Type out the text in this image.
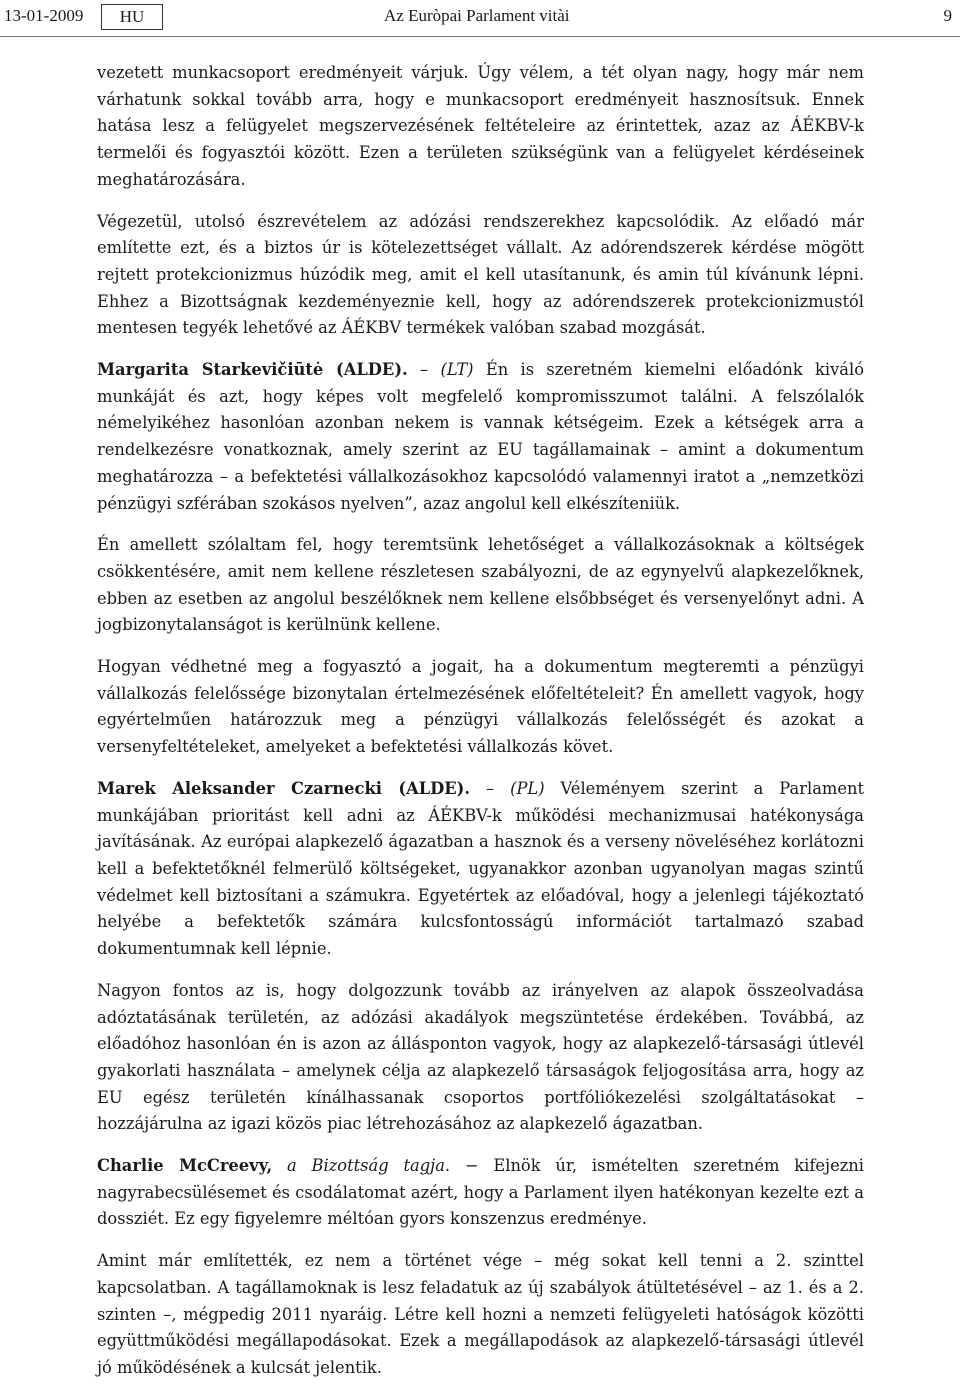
13-01-2009	HU	Az Euròpai Parlament vitài	9

vezetett munkacsoport eredményeit várjuk. Úgy vélem, a tét olyan nagy, hogy már nem várhatunk sokkal tovább arra, hogy e munkacsoport eredményeit hasznosítsuk. Ennek hatása lesz a felügyelet megszervezésének feltételeire az érintettek, azaz az ÁÉKBV-k termelői és fogyasztói között. Ezen a területen szükségünk van a felügyelet kérdéseinek meghatározására.

Végezetül, utolsó észrevételem az adózási rendszerekhez kapcsolódik. Az előadó már említette ezt, és a biztos úr is kötelezettséget vállalt. Az adórendszerek kérdése mögött rejtett protekcionizmus húzódik meg, amit el kell utasítanunk, és amin túl kívánunk lépni. Ehhez a Bizottságnak kezdeményeznie kell, hogy az adórendszerek protekcionizmustól mentesen tegyék lehetővé az ÁÉKBV termékek valóban szabad mozgását.

Margarita Starkevičiūtė (ALDE). – (LT) Én is szeretném kiemelni előadónk kiváló munkáját és azt, hogy képes volt megfelelő kompromisszumot találni. A felszólalók némelyikéhez hasonlóan azonban nekem is vannak kétségeim. Ezek a kétségek arra a rendelkezésre vonatkoznak, amely szerint az EU tagállamainak – amint a dokumentum meghatározza – a befektetési vállalkozásokhoz kapcsolódó valamennyi iratot a „nemzetközi pénzügyi szférában szokásos nyelven”, azaz angolul kell elkészíteniük.

Én amellett szólaltam fel, hogy teremtsünk lehetőséget a vállalkozásoknak a költségek csökkentésére, amit nem kellene részletesen szabályozni, de az egynyelvű alapkezelőknek, ebben az esetben az angolul beszélőknek nem kellene elsőbbséget és versenyelőnyt adni. A jogbizonytalanságot is kerülnünk kellene.

Hogyan védhetné meg a fogyasztó a jogait, ha a dokumentum megteremti a pénzügyi vállalkozás felelőssége bizonytalan értelmezésének előfeltételeit? Én amellett vagyok, hogy egyértelműen határozzuk meg a pénzügyi vállalkozás felelősségét és azokat a versenyfeltételeket, amelyeket a befektetési vállalkozás követ.

Marek Aleksander Czarnecki (ALDE). – (PL) Véleményem szerint a Parlament munkájában prioritást kell adni az ÁÉKBV-k működési mechanizmusai hatékonysága javításának. Az európai alapkezelő ágazatban a hasznok és a verseny növeléséhez korlátozni kell a befektetőknél felmerülő költségeket, ugyanakkor azonban ugyanolyan magas szintű védelmet kell biztosítani a számukra. Egyetértek az előadóval, hogy a jelenlegi tájékoztató helyébe a befektetők számára kulcsfontosságú információt tartalmazó szabad dokumentumnak kell lépnie.

Nagyon fontos az is, hogy dolgozzunk tovább az irányelven az alapok összeolvadása adóztatásának területén, az adózási akadályok megszüntetése érdekében. Továbbá, az előadóhoz hasonlóan én is azon az állásponton vagyok, hogy az alapkezelő-társasági útlevél gyakorlati használata – amelynek célja az alapkezelő társaságok feljogosítása arra, hogy az EU egész területén kínálhassanak csoportos portfóliókezelési szolgáltatásokat – hozzájárulna az igazi közös piac létrehozásához az alapkezelő ágazatban.

Charlie McCreevy, a Bizottság tagja. − Elnök úr, ismételten szeretném kifejezni nagyrabecsülésemet és csodálatomat azért, hogy a Parlament ilyen hatékonyan kezelte ezt a dossziét. Ez egy figyelemre méltóan gyors konszenzus eredménye.

Amint már említették, ez nem a történet vége – még sokat kell tenni a 2. szinttel kapcsolatban. A tagállamoknak is lesz feladatuk az új szabályok átültetésével – az 1. és a 2. szinten –, mégpedig 2011 nyaráig. Létre kell hozni a nemzeti felügyeleti hatóságok közötti együttműködési megállapodásokat. Ezek a megállapodások az alapkezelő-társasági útlevél jó működésének a kulcsát jelentik.
